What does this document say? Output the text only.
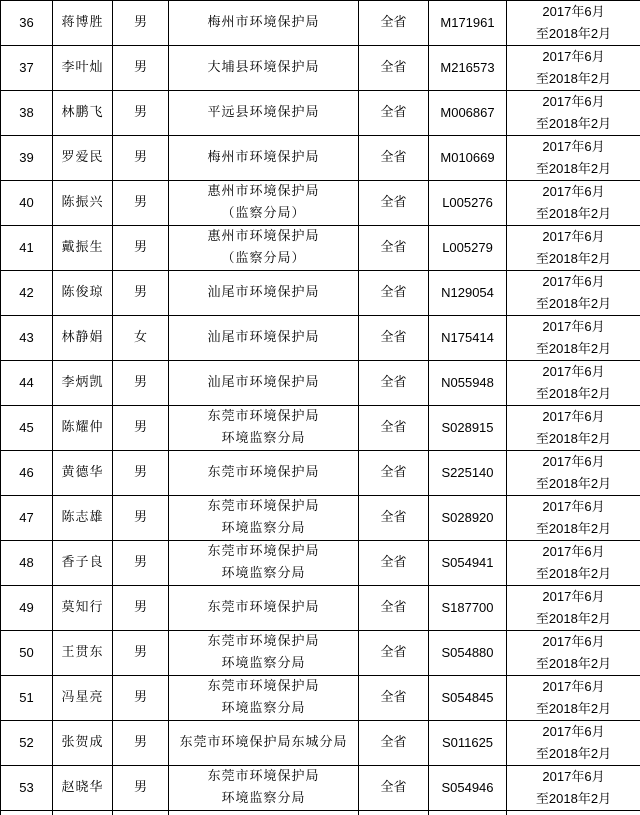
36	蒋博胜	男	梅州市环境保护局	全省	M171961	2017年6月
至2018年2月

37	李叶灿	男	大埔县环境保护局	全省	M216573	2017年6月
至2018年2月

38	林鹏飞	男	平远县环境保护局	全省	M006867	2017年6月
至2018年2月

39	罗爱民	男	梅州市环境保护局	全省	M010669	2017年6月
至2018年2月

40	陈振兴	男	惠州市环境保护局
（监察分局）	全省	L005276	2017年6月
至2018年2月

41	戴振生	男	惠州市环境保护局
（监察分局）	全省	L005279	2017年6月
至2018年2月

42	陈俊琼	男	汕尾市环境保护局	全省	N129054	2017年6月
至2018年2月

43	林静娟	女	汕尾市环境保护局	全省	N175414	2017年6月
至2018年2月

44	李炳凯	男	汕尾市环境保护局	全省	N055948	2017年6月
至2018年2月

45	陈耀仲	男	东莞市环境保护局
环境监察分局	全省	S028915	2017年6月
至2018年2月

46	黄德华	男	东莞市环境保护局	全省	S225140	2017年6月
至2018年2月

47	陈志雄	男	东莞市环境保护局
环境监察分局	全省	S028920	2017年6月
至2018年2月

48	香子良	男	东莞市环境保护局
环境监察分局	全省	S054941	2017年6月
至2018年2月

49	莫知行	男	东莞市环境保护局	全省	S187700	2017年6月
至2018年2月

50	王贯东	男	东莞市环境保护局
环境监察分局	全省	S054880	2017年6月
至2018年2月

51	冯星亮	男	东莞市环境保护局
环境监察分局	全省	S054845	2017年6月
至2018年2月

52	张贺成	男	东莞市环境保护局东城分局	全省	S011625	2017年6月
至2018年2月

53	赵晓华	男	东莞市环境保护局
环境监察分局	全省	S054946	2017年6月
至2018年2月
